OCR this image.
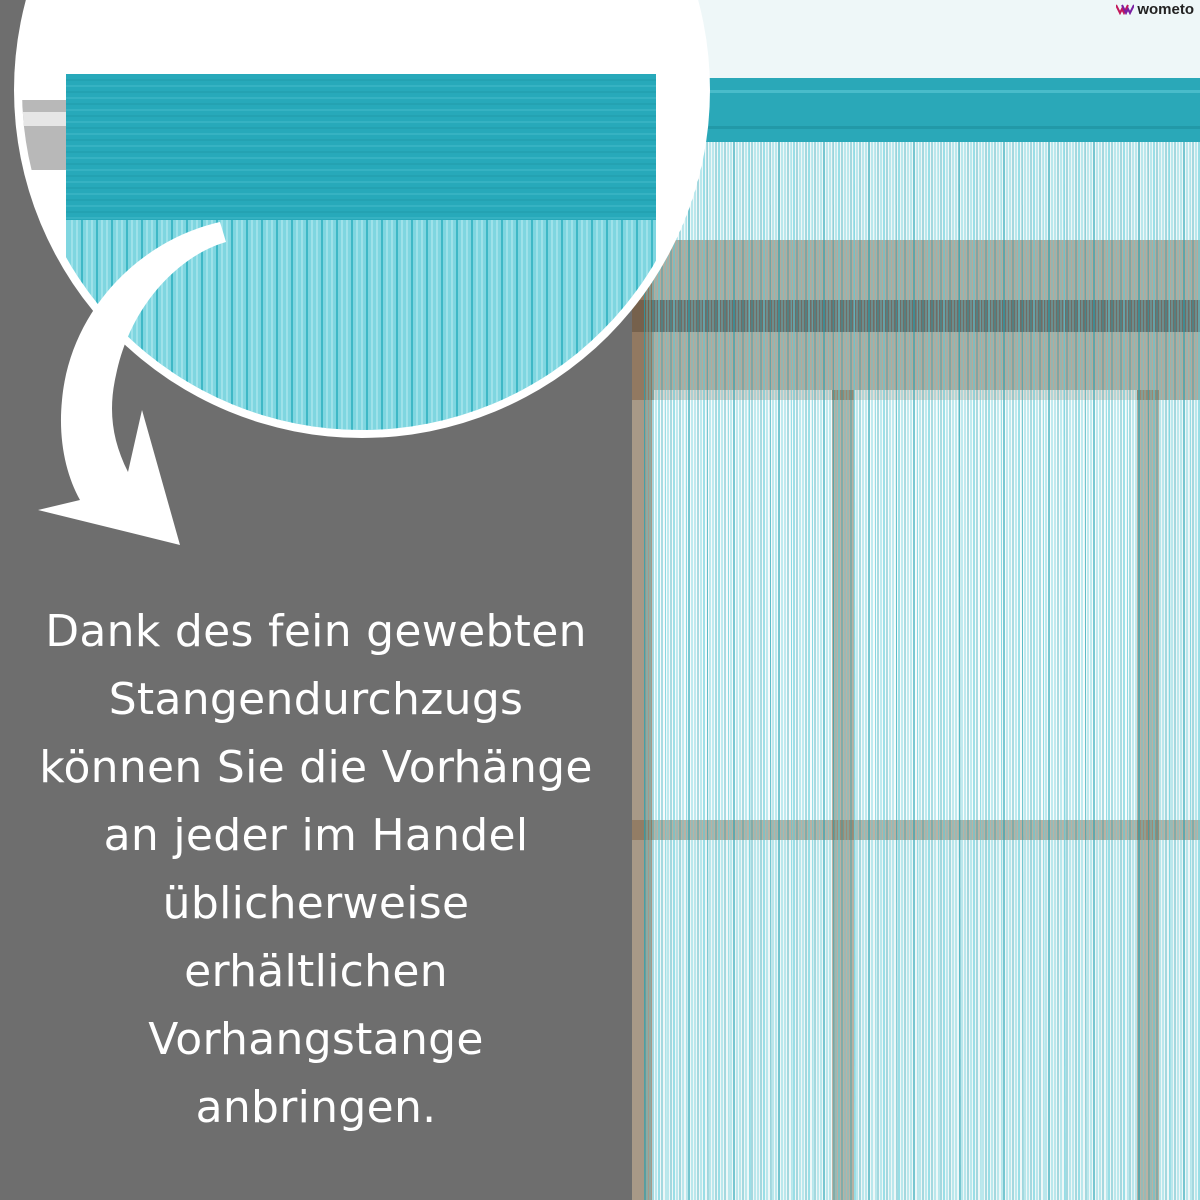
Dank des fein gewebten
Stangendurchzugs
können Sie die Vorhänge
an jeder im Handel
üblicherweise
erhältlichen
Vorhangstange
anbringen.
wometo
